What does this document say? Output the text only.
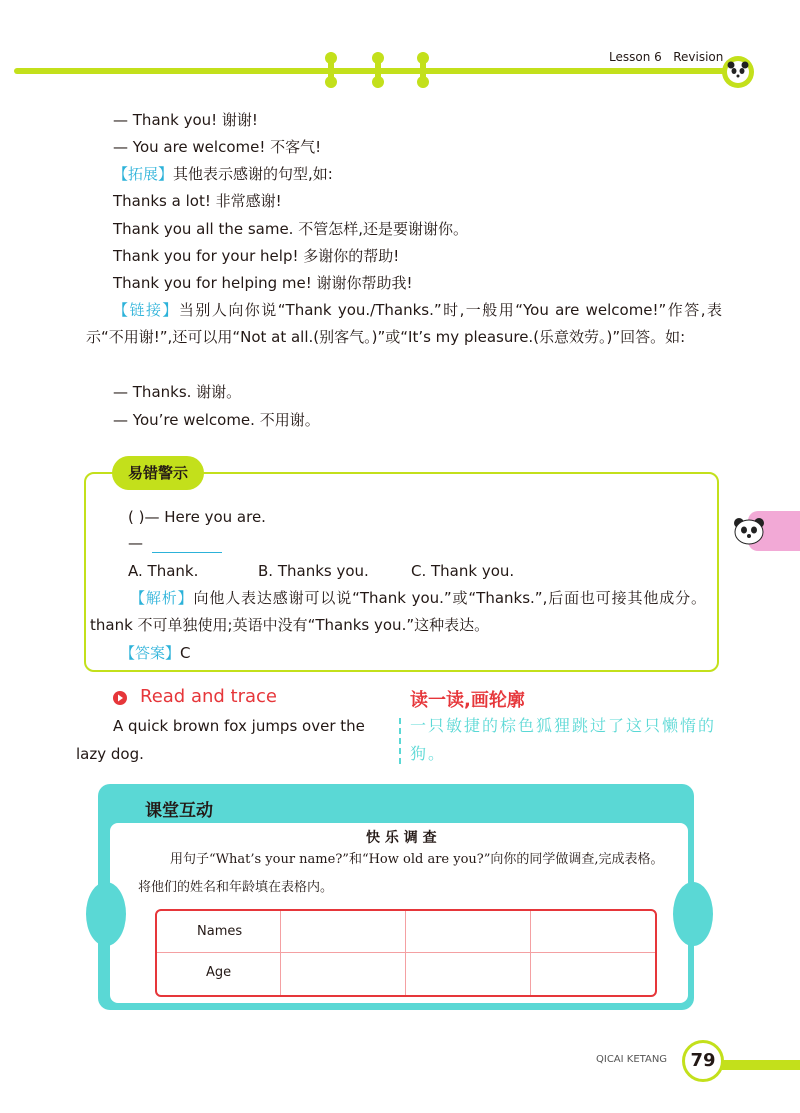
Lesson 6 Revision
— Thank you! 谢谢!
— You are welcome! 不客气!
【拓展】其他表示感谢的句型,如:
Thanks a lot! 非常感谢!
Thank you all the same. 不管怎样,还是要谢谢你。
Thank you for your help! 多谢你的帮助!
Thank you for helping me! 谢谢你帮助我!
【链接】当别人向你说“Thank you./Thanks.”时,一般用“You are welcome!”作答,表示“不用谢!”,还可以用“Not at all.(别客气。)”或“It’s my pleasure.(乐意效劳。)”回答。如:
— Thanks. 谢谢。
— You’re welcome. 不用谢。
易错警示
( )— Here you are.
—
A. Thank.	B. Thanks you.	C. Thank you.
【解析】向他人表达感谢可以说“Thank you.”或“Thanks.”,后面也可接其他成分。thank 不可单独使用;英语中没有“Thanks you.”这种表达。
【答案】C
Read and trace	读一读,画轮廓
A quick brown fox jumps over the lazy dog.
一只敏捷的棕色狐狸跳过了这只懒惰的狗。
课堂互动
快 乐 调 查
用句子“What’s your name?”和“How old are you?”向你的同学做调查,完成表格。将他们的姓名和年龄填在表格内。
Names
Age
QICAI KETANG	79
